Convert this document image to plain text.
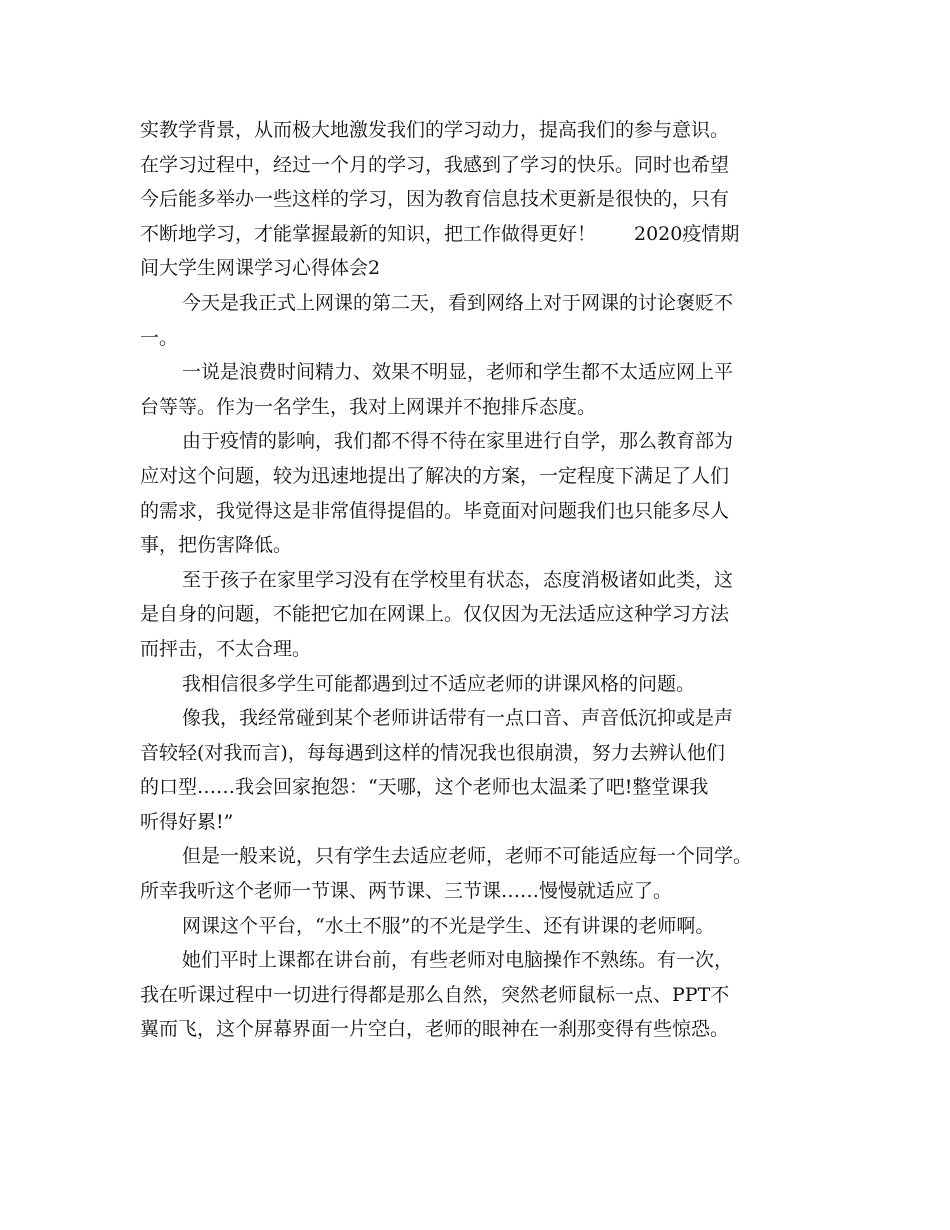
实教学背景，从而极大地激发我们的学习动力，提高我们的参与意识。
在学习过程中，经过一个月的学习，我感到了学习的快乐。同时也希望
今后能多举办一些这样的学习，因为教育信息技术更新是很快的，只有
不断地学习，才能掌握最新的知识，把工作做得更好！　　2020疫情期
间大学生网课学习心得体会2
今天是我正式上网课的第二天，看到网络上对于网课的讨论褒贬不
一。
一说是浪费时间精力、效果不明显，老师和学生都不太适应网上平
台等等。作为一名学生，我对上网课并不抱排斥态度。
由于疫情的影响，我们都不得不待在家里进行自学，那么教育部为
应对这个问题，较为迅速地提出了解决的方案，一定程度下满足了人们
的需求，我觉得这是非常值得提倡的。毕竟面对问题我们也只能多尽人
事，把伤害降低。
至于孩子在家里学习没有在学校里有状态，态度消极诸如此类，这
是自身的问题，不能把它加在网课上。仅仅因为无法适应这种学习方法
而抨击，不太合理。
我相信很多学生可能都遇到过不适应老师的讲课风格的问题。
像我，我经常碰到某个老师讲话带有一点口音、声音低沉抑或是声
音较轻(对我而言)，每每遇到这样的情况我也很崩溃，努力去辨认他们
的口型……我会回家抱怨：“天哪，这个老师也太温柔了吧!整堂课我
听得好累!”
但是一般来说，只有学生去适应老师，老师不可能适应每一个同学。
所幸我听这个老师一节课、两节课、三节课……慢慢就适应了。
网课这个平台，“水土不服”的不光是学生、还有讲课的老师啊。
她们平时上课都在讲台前，有些老师对电脑操作不熟练。有一次，
我在听课过程中一切进行得都是那么自然，突然老师鼠标一点、PPT不
翼而飞，这个屏幕界面一片空白，老师的眼神在一刹那变得有些惊恐。
